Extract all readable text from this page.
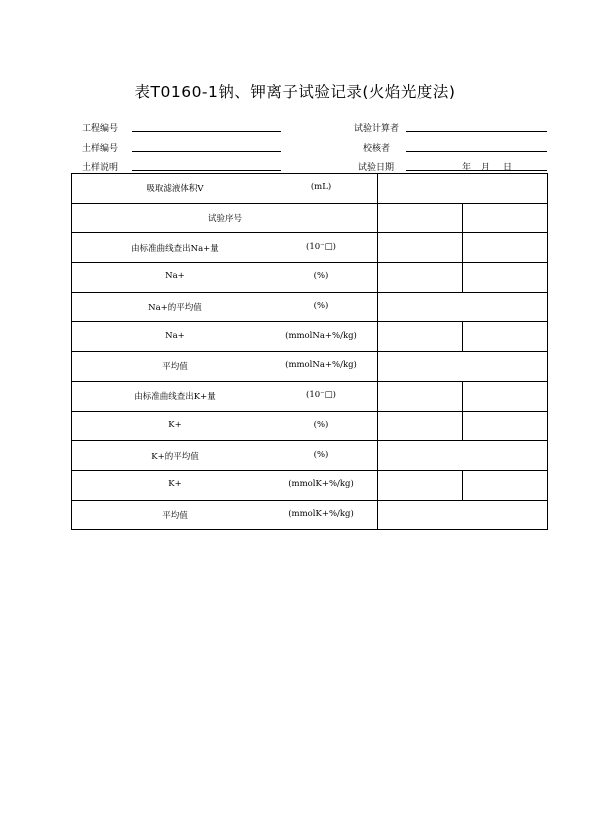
表T0160-1钠、钾离子试验记录(火焰光度法)
工程编号
土样编号
土样说明
试验计算者
校核者
试验日期	年 月 日
吸取滤液体积V (mL)		

试验序号		

由标准曲线查出Na+量 (10⁻□)		

Na+ (%)		

Na+的平均值 (%)		

Na+ (mmolNa+%/kg)		

平均值 (mmolNa+%/kg)		

由标准曲线查出K+量 (10⁻□)		

K+ (%)		

K+的平均值 (%)		

K+ (mmolK+%/kg)		

平均值 (mmolK+%/kg)		
